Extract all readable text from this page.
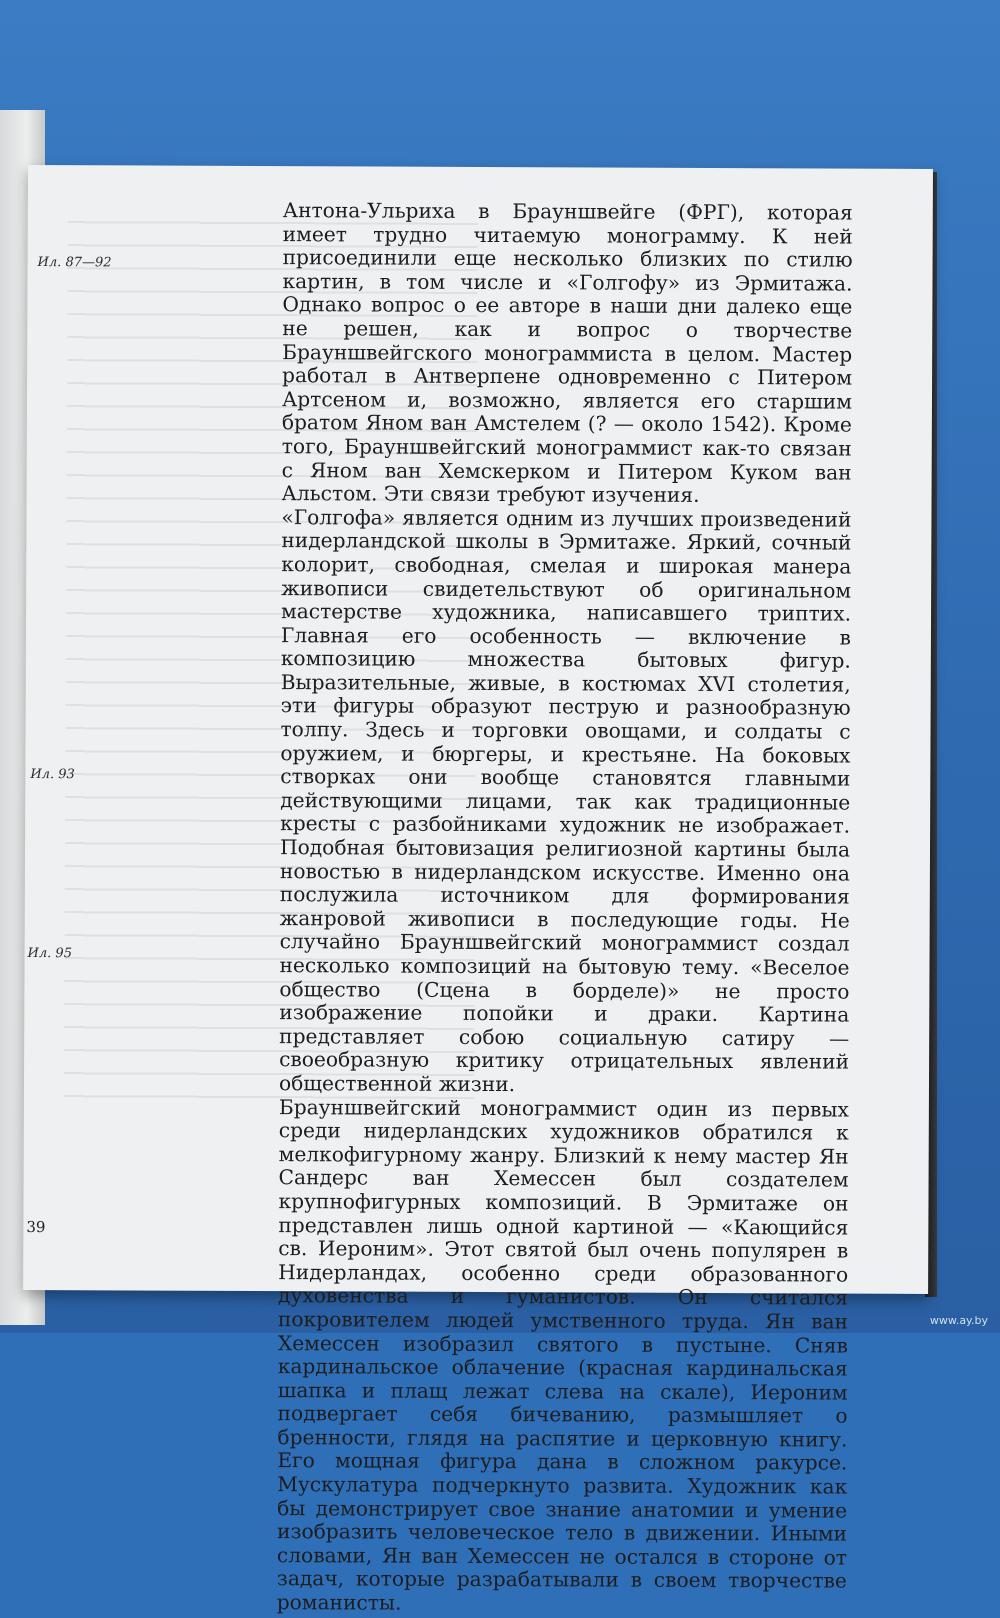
Ил. 87—92
Ил. 93
Ил. 95

Антона-Ульриха в Брауншвейге (ФРГ), которая имеет трудно читаемую монограмму. К ней присоединили еще несколько близких по стилю картин, в том числе и «Голгофу» из Эрмитажа. Однако вопрос о ее авторе в наши дни далеко еще не решен, как и вопрос о творчестве Брауншвейгского монограммиста в целом. Мастер работал в Антверпене одновременно с Питером Артсеном и, возможно, является его старшим братом Яном ван Амстелем (? — около 1542). Кроме того, Брауншвейгский монограммист как-то связан с Яном ван Хемскерком и Питером Куком ван Альстом. Эти связи требуют изучения.

«Голгофа» является одним из лучших произведений нидерландской школы в Эрмитаже. Яркий, сочный колорит, свободная, смелая и широкая манера живописи свидетельствуют об оригинальном мастерстве художника, написавшего триптих. Главная его особенность — включение в композицию множества бытовых фигур. Выразительные, живые, в костюмах XVI столетия, эти фигуры образуют пеструю и разнообразную толпу. Здесь и торговки овощами, и солдаты с оружием, и бюргеры, и крестьяне. На боковых створках они вообще становятся главными действующими лицами, так как традиционные кресты с разбойниками художник не изображает. Подобная бытовизация религиозной картины была новостью в нидерландском искусстве. Именно она послужила источником для формирования жанровой живописи в последующие годы. Не случайно Брауншвейгский монограммист создал несколько композиций на бытовую тему. «Веселое общество (Сцена в борделе)» не просто изображение попойки и драки. Картина представляет собою социальную сатиру — своеобразную критику отрицательных явлений общественной жизни.

Брауншвейгский монограммист один из первых среди нидерландских художников обратился к мелкофигурному жанру. Близкий к нему мастер Ян Сандерс ван Хемессен был создателем крупнофигурных композиций. В Эрмитаже он представлен лишь одной картиной — «Кающийся св. Иероним». Этот святой был очень популярен в Нидерландах, особенно среди образованного духовенства и гуманистов. Он считался покровителем людей умственного труда. Ян ван Хемессен изобразил святого в пустыне. Сняв кардинальское облачение (красная кардинальская шапка и плащ лежат слева на скале), Иероним подвергает себя бичеванию, размышляет о бренности, глядя на распятие и церковную книгу. Его мощная фигура дана в сложном ракурсе. Мускулатура подчеркнуто развита. Художник как бы демонстрирует свое знание анатомии и умение изобразить человеческое тело в движении. Иными словами, Ян ван Хемессен не остался в стороне от задач, которые разрабатывали в своем творчестве романисты.

39
www.ay.by
